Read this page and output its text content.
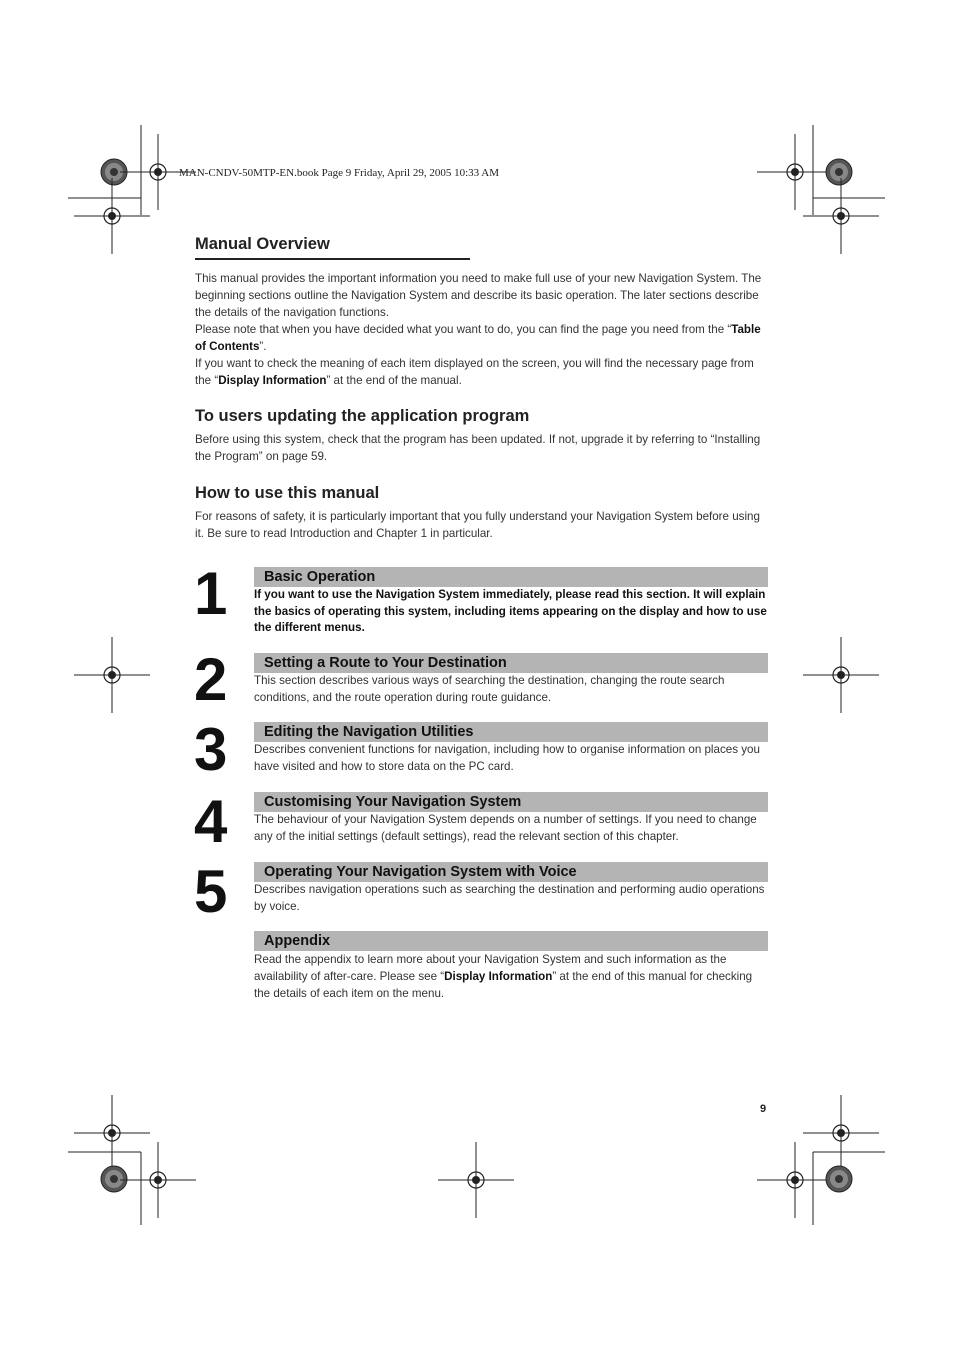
MAN-CNDV-50MTP-EN.book Page 9 Friday, April 29, 2005 10:33 AM
Manual Overview
This manual provides the important information you need to make full use of your new Navigation System. The beginning sections outline the Navigation System and describe its basic operation. The later sections describe the details of the navigation functions.
Please note that when you have decided what you want to do, you can find the page you need from the “Table of Contents”.
If you want to check the meaning of each item displayed on the screen, you will find the necessary page from the “Display Information” at the end of the manual.
To users updating the application program
Before using this system, check that the program has been updated. If not, upgrade it by referring to “Installing the Program” on page 59.
How to use this manual
For reasons of safety, it is particularly important that you fully understand your Navigation System before using it. Be sure to read Introduction and Chapter 1 in particular.
1	Basic Operation
If you want to use the Navigation System immediately, please read this section. It will explain the basics of operating this system, including items appearing on the display and how to use the different menus.
2	Setting a Route to Your Destination
This section describes various ways of searching the destination, changing the route search conditions, and the route operation during route guidance.
3	Editing the Navigation Utilities
Describes convenient functions for navigation, including how to organise information on places you have visited and how to store data on the PC card.
4	Customising Your Navigation System
The behaviour of your Navigation System depends on a number of settings. If you need to change any of the initial settings (default settings), read the relevant section of this chapter.
5	Operating Your Navigation System with Voice
Describes navigation operations such as searching the destination and performing audio operations by voice.
Appendix
Read the appendix to learn more about your Navigation System and such information as the availability of after-care. Please see “Display Information” at the end of this manual for checking the details of each item on the menu.
9
